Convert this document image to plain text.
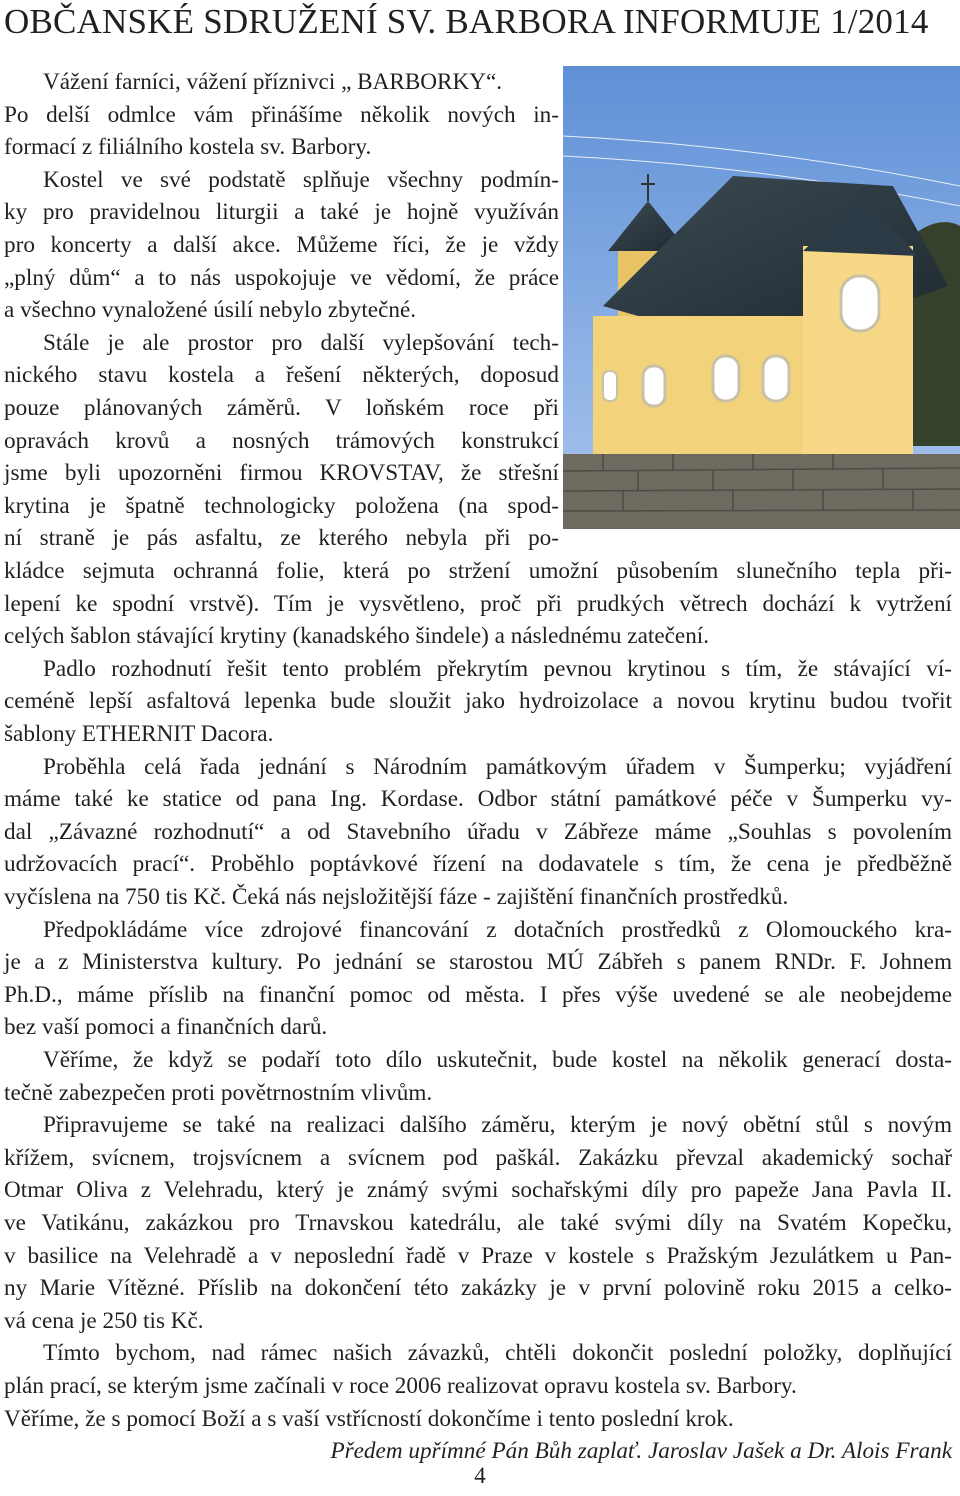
OBČANSKÉ SDRUŽENÍ SV. BARBORA INFORMUJE 1/2014
Vážení farníci, vážení příznivci „ BARBORKY“.
Po delší odmlce vám přinášíme několik nových in-
formací z filiálního kostela sv. Barbory.
Kostel ve své podstatě splňuje všechny podmín-
ky pro pravidelnou liturgii a také je hojně využíván
pro koncerty a další akce. Můžeme říci, že je vždy
„plný dům“ a to nás uspokojuje ve vědomí, že práce
a všechno vynaložené úsilí nebylo zbytečné.
Stále je ale prostor pro další vylepšování tech-
nického stavu kostela a řešení některých, doposud
pouze plánovaných záměrů. V loňském roce při
opravách krovů a nosných trámových konstrukcí
jsme byli upozorněni firmou KROVSTAV, že střešní
krytina je špatně technologicky položena (na spod-
ní straně je pás asfaltu, ze kterého nebyla při po-
kládce sejmuta ochranná folie, která po stržení umožní působením slunečního tepla při-
lepení ke spodní vrstvě). Tím je vysvětleno, proč při prudkých větrech dochází k vytržení
celých šablon stávající krytiny (kanadského šindele) a následnému zatečení.
Padlo rozhodnutí řešit tento problém překrytím pevnou krytinou s tím, že stávající ví-
ceméně lepší asfaltová lepenka bude sloužit jako hydroizolace a novou krytinu budou tvořit
šablony ETHERNIT Dacora.
Proběhla celá řada jednání s Národním památkovým úřadem v Šumperku; vyjádření
máme také ke statice od pana Ing. Kordase. Odbor státní památkové péče v Šumperku vy-
dal „Závazné rozhodnutí“ a od Stavebního úřadu v Zábřeze máme „Souhlas s povolením
udržovacích prací“. Proběhlo poptávkové řízení na dodavatele s tím, že cena je předběžně
vyčíslena na 750 tis Kč. Čeká nás nejsložitější fáze - zajištění finančních prostředků.
Předpokládáme více zdrojové financování z dotačních prostředků z Olomouckého kra-
je a z Ministerstva kultury. Po jednání se starostou MÚ Zábřeh s panem RNDr. F. Johnem
Ph.D., máme příslib na finanční pomoc od města. I přes výše uvedené se ale neobejdeme
bez vaší pomoci a finančních darů.
Věříme, že když se podaří toto dílo uskutečnit, bude kostel na několik generací dosta-
tečně zabezpečen proti povětrnostním vlivům.
Připravujeme se také na realizaci dalšího záměru, kterým je nový obětní stůl s novým
křížem, svícnem, trojsvícnem a svícnem pod paškál. Zakázku převzal akademický sochař
Otmar Oliva z Velehradu, který je známý svými sochařskými díly pro papeže Jana Pavla II.
ve Vatikánu, zakázkou pro Trnavskou katedrálu, ale také svými díly na Svatém Kopečku,
v basilice na Velehradě a v neposlední řadě v Praze v kostele s Pražským Jezulátkem u Pan-
ny Marie Vítězné. Příslib na dokončení této zakázky je v první polovině roku 2015 a celko-
vá cena je 250 tis Kč.
Tímto bychom, nad rámec našich závazků, chtěli dokončit poslední položky, doplňující
plán prací, se kterým jsme začínali v roce 2006 realizovat opravu kostela sv. Barbory.
Věříme, že s pomocí Boží a s vaší vstřícností dokončíme i tento poslední krok.
Předem upřímné Pán Bůh zaplať. Jaroslav Jašek a Dr. Alois Frank
4
